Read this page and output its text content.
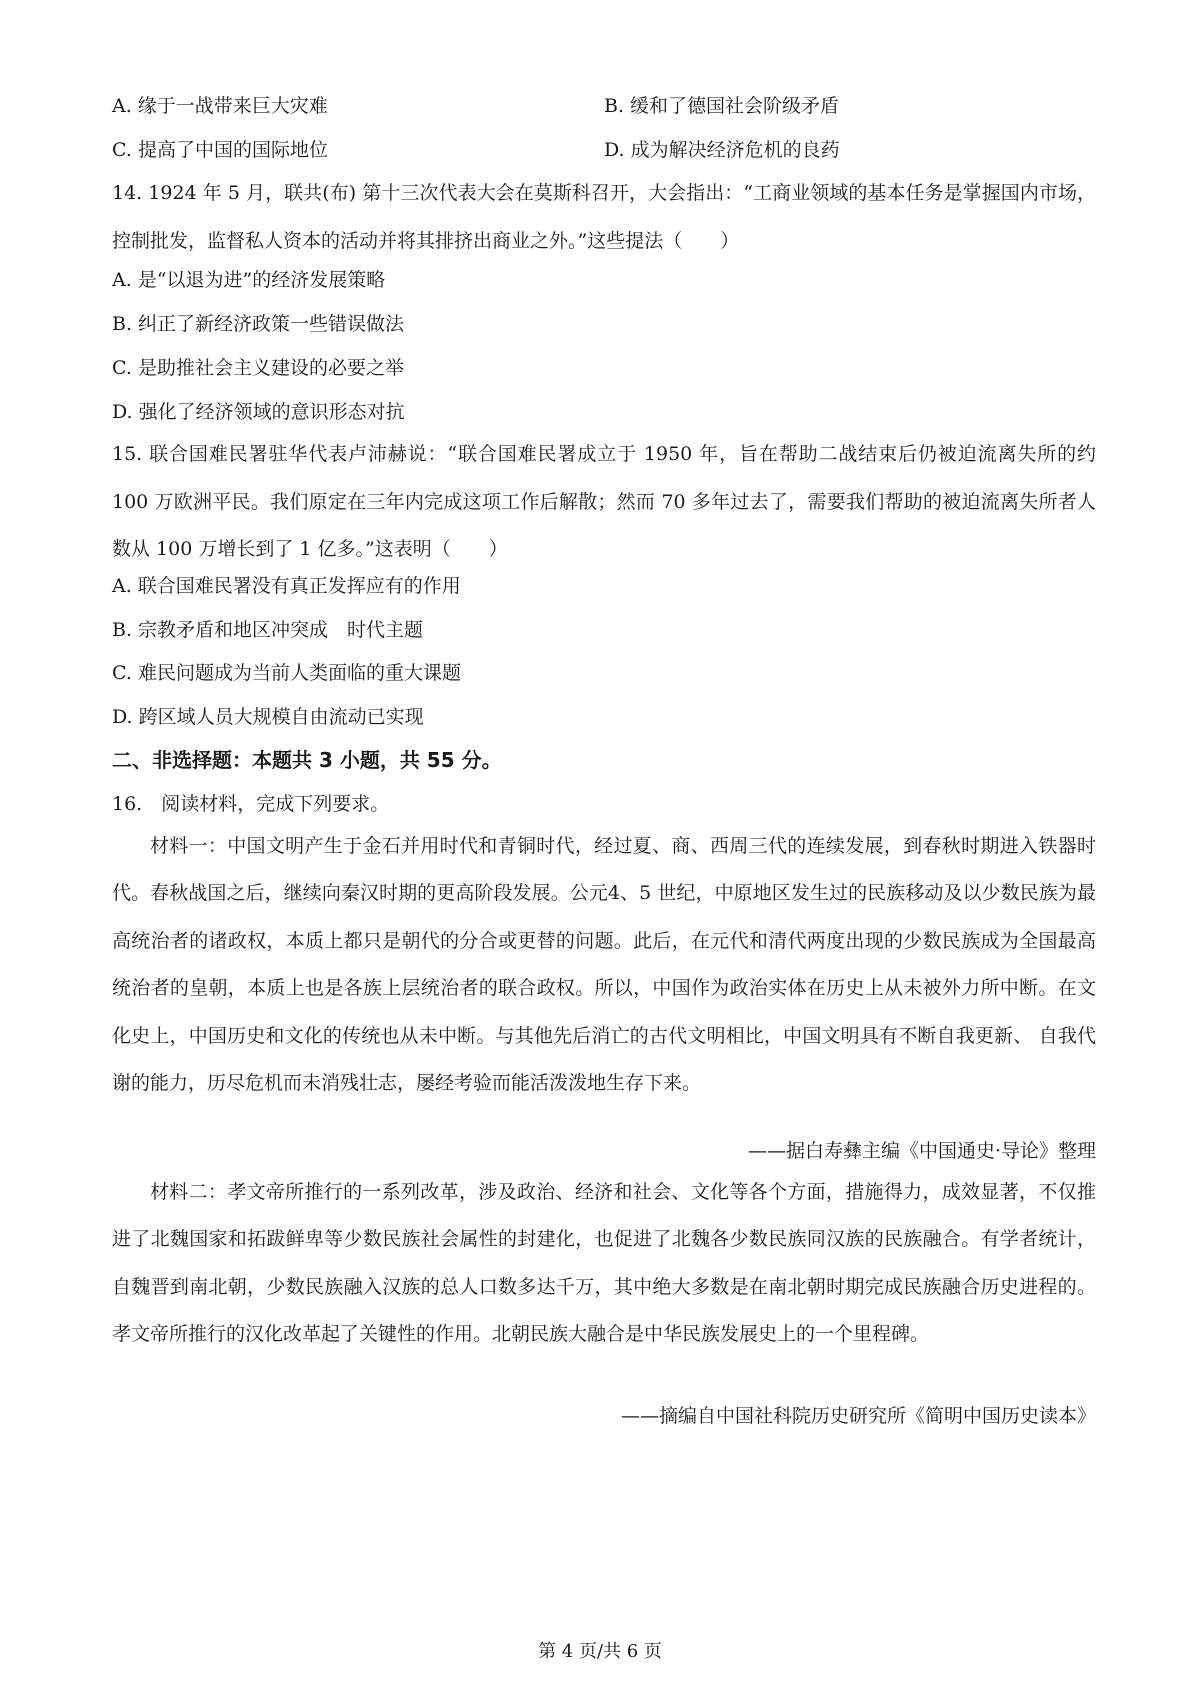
A. 缘于一战带来巨大灾难	B. 缓和了德国社会阶级矛盾
C. 提高了中国的国际地位	D. 成为解决经济危机的良药
14. 1924 年 5 月，联共(布) 第十三次代表大会在莫斯科召开，大会指出：“工商业领域的基本任务是掌握国内市场，控制批发，监督私人资本的活动并将其排挤出商业之外。”这些提法（　　）
A. 是“以退为进”的经济发展策略
B. 纠正了新经济政策一些错误做法
C. 是助推社会主义建设的必要之举
D. 强化了经济领域的意识形态对抗
15. 联合国难民署驻华代表卢沛赫说：“联合国难民署成立于 1950 年，旨在帮助二战结束后仍被迫流离失所的约 100 万欧洲平民。我们原定在三年内完成这项工作后解散；然而 70 多年过去了，需要我们帮助的被迫流离失所者人数从 100 万增长到了 1 亿多。”这表明（　　）
A. 联合国难民署没有真正发挥应有的作用
B. 宗教矛盾和地区冲突成　时代主题
C. 难民问题成为当前人类面临的重大课题
D. 跨区域人员大规模自由流动已实现
二、非选择题：本题共 3 小题，共 55 分。
16.　阅读材料，完成下列要求。
材料一：中国文明产生于金石并用时代和青铜时代，经过夏、商、西周三代的连续发展，到春秋时期进入铁器时代。春秋战国之后，继续向秦汉时期的更高阶段发展。公元4、5 世纪，中原地区发生过的民族移动及以少数民族为最高统治者的诸政权，本质上都只是朝代的分合或更替的问题。此后，在元代和清代两度出现的少数民族成为全国最高统治者的皇朝，本质上也是各族上层统治者的联合政权。所以，中国作为政治实体在历史上从未被外力所中断。在文化史上，中国历史和文化的传统也从未中断。与其他先后消亡的古代文明相比，中国文明具有不断自我更新、 自我代谢的能力，历尽危机而未消残壮志，屡经考验而能活泼泼地生存下来。
——据白寿彝主编《中国通史·导论》整理
材料二：孝文帝所推行的一系列改革，涉及政治、经济和社会、文化等各个方面，措施得力，成效显著，不仅推进了北魏国家和拓跋鲜卑等少数民族社会属性的封建化，也促进了北魏各少数民族同汉族的民族融合。有学者统计， 自魏晋到南北朝，少数民族融入汉族的总人口数多达千万，其中绝大多数是在南北朝时期完成民族融合历史进程的。孝文帝所推行的汉化改革起了关键性的作用。北朝民族大融合是中华民族发展史上的一个里程碑。
——摘编自中国社科院历史研究所《简明中国历史读本》
第 4 页/共 6 页
